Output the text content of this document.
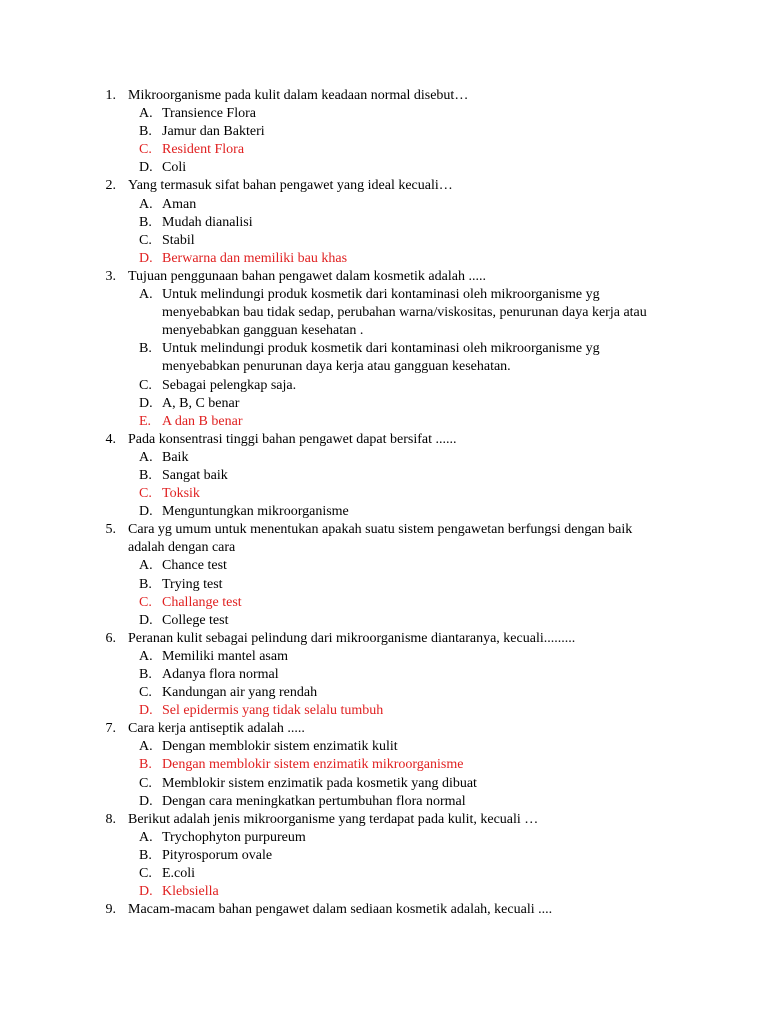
1. Mikroorganisme pada kulit dalam keadaan normal disebut…
A. Transience Flora
B. Jamur dan Bakteri
C. Resident Flora
D. Coli
2. Yang termasuk sifat bahan pengawet yang ideal kecuali…
A. Aman
B. Mudah dianalisi
C. Stabil
D. Berwarna dan memiliki bau khas
3. Tujuan penggunaan bahan pengawet dalam kosmetik adalah .....
A. Untuk melindungi produk kosmetik dari kontaminasi oleh mikroorganisme yg menyebabkan bau tidak sedap, perubahan warna/viskositas, penurunan daya kerja atau menyebabkan gangguan kesehatan .
B. Untuk melindungi produk kosmetik dari kontaminasi oleh mikroorganisme yg menyebabkan penurunan daya kerja atau gangguan kesehatan.
C. Sebagai pelengkap saja.
D. A, B, C benar
E. A dan B benar
4. Pada konsentrasi tinggi bahan pengawet dapat bersifat ......
A. Baik
B. Sangat baik
C. Toksik
D. Menguntungkan mikroorganisme
5. Cara yg umum untuk menentukan apakah suatu sistem pengawetan berfungsi dengan baik adalah dengan cara
A. Chance test
B. Trying test
C. Challange test
D. College test
6. Peranan kulit sebagai pelindung dari mikroorganisme diantaranya, kecuali.........
A. Memiliki mantel asam
B. Adanya flora normal
C. Kandungan air yang rendah
D. Sel epidermis yang tidak selalu tumbuh
7. Cara kerja antiseptik adalah .....
A. Dengan memblokir sistem enzimatik kulit
B. Dengan memblokir sistem enzimatik mikroorganisme
C. Memblokir sistem enzimatik pada kosmetik yang dibuat
D. Dengan cara meningkatkan pertumbuhan flora normal
8. Berikut adalah jenis mikroorganisme yang terdapat pada kulit, kecuali …
A. Trychophyton purpureum
B. Pityrosporum ovale
C. E.coli
D. Klebsiella
9. Macam-macam bahan pengawet dalam sediaan kosmetik adalah, kecuali ....
